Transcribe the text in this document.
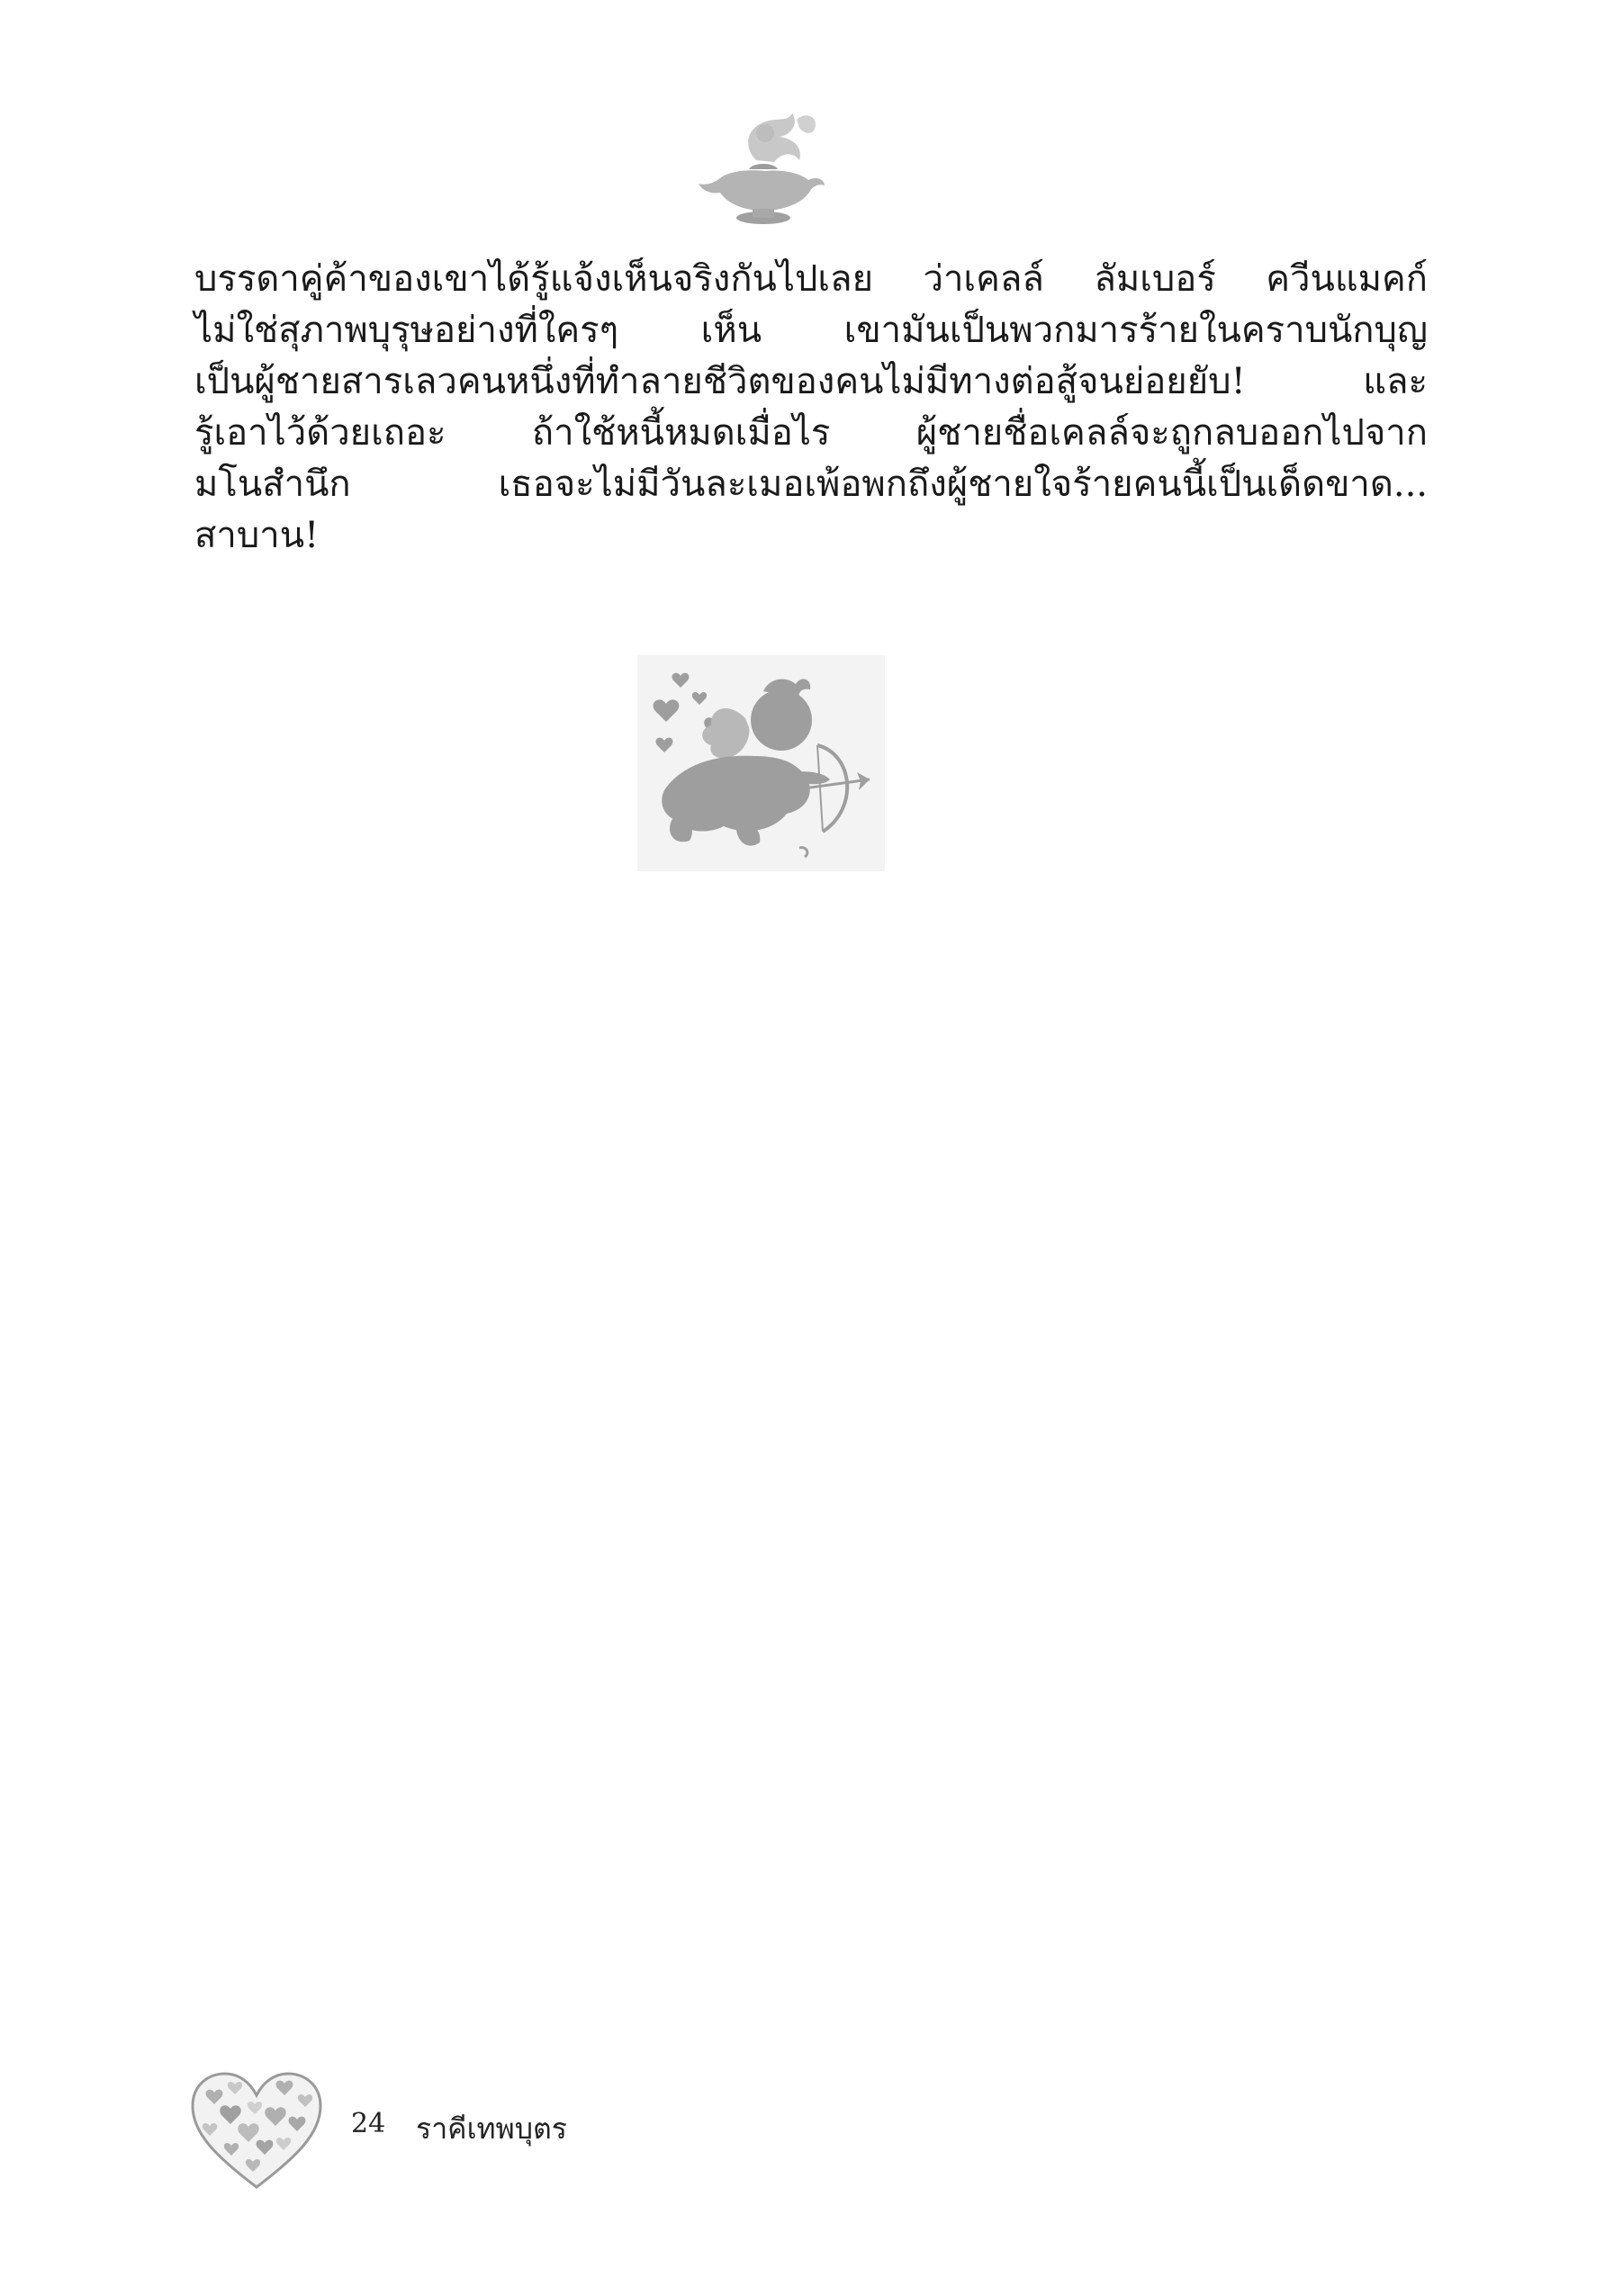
บรรดาคู่ค้าของเขาได้รู้แจ้งเห็นจริงกันไปเลย ว่าเคลล์ ลัมเบอร์ ควีนแมคก์
ไม่ใช่สุภาพบุรุษอย่างที่ใครๆ เห็น เขามันเป็นพวกมารร้ายในคราบนักบุญ
เป็นผู้ชายสารเลวคนหนึ่งที่ทำลายชีวิตของคนไม่มีทางต่อสู้จนย่อยยับ! และ
รู้เอาไว้ด้วยเถอะ ถ้าใช้หนี้หมดเมื่อไร ผู้ชายชื่อเคลล์จะถูกลบออกไปจาก
มโนสำนึก เธอจะไม่มีวันละเมอเพ้อพกถึงผู้ชายใจร้ายคนนี้เป็นเด็ดขาด...
สาบาน!
24 ราคีเทพบุตร
